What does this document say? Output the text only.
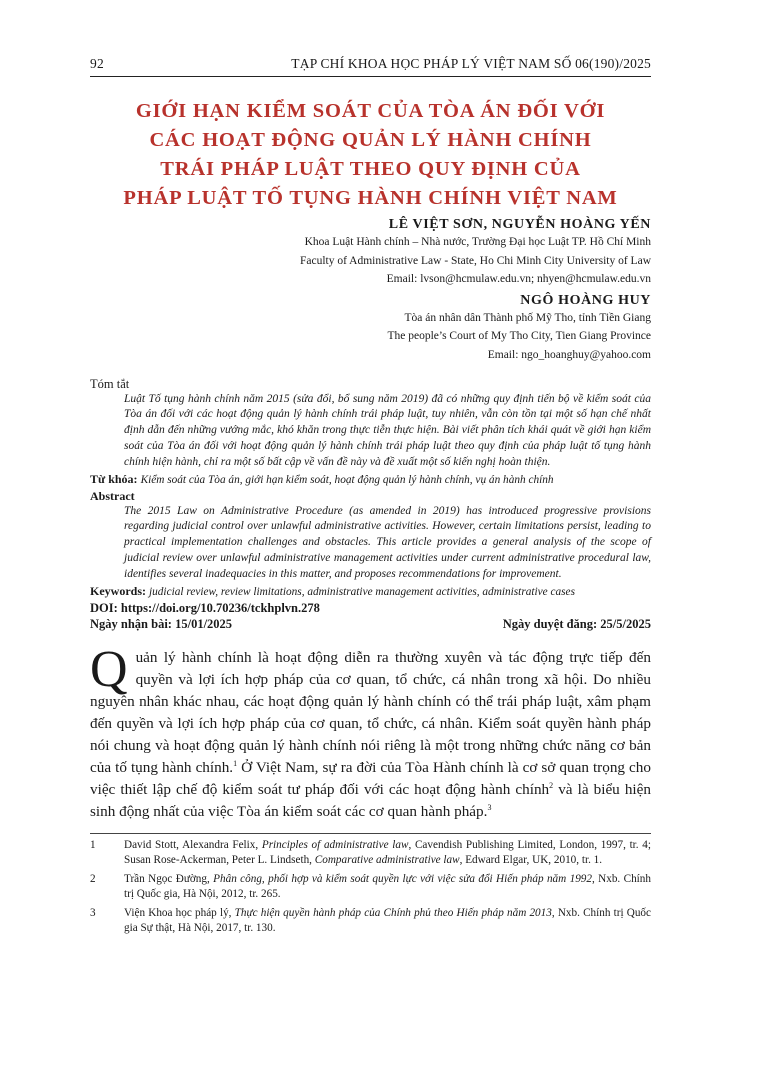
92	TẠP CHÍ KHOA HỌC PHÁP LÝ VIỆT NAM SỐ 06(190)/2025
GIỚI HẠN KIỂM SOÁT CỦA TÒA ÁN ĐỐI VỚI
CÁC HOẠT ĐỘNG QUẢN LÝ HÀNH CHÍNH
TRÁI PHÁP LUẬT THEO QUY ĐỊNH CỦA
PHÁP LUẬT TỐ TỤNG HÀNH CHÍNH VIỆT NAM
LÊ VIỆT SƠN, NGUYỄN HOÀNG YẾN
Khoa Luật Hành chính – Nhà nước, Trường Đại học Luật TP. Hồ Chí Minh
Faculty of Administrative Law - State, Ho Chi Minh City University of Law
Email: lvson@hcmulaw.edu.vn; nhyen@hcmulaw.edu.vn
NGÔ HOÀNG HUY
Tòa án nhân dân Thành phố Mỹ Tho, tỉnh Tiền Giang
The people’s Court of My Tho City, Tien Giang Province
Email: ngo_hoanghuy@yahoo.com
Tóm tắt
Luật Tố tụng hành chính năm 2015 (sửa đổi, bổ sung năm 2019) đã có những quy định tiến bộ về kiểm soát của Tòa án đối với các hoạt động quản lý hành chính trái pháp luật, tuy nhiên, vẫn còn tồn tại một số hạn chế nhất định dẫn đến những vướng mắc, khó khăn trong thực tiễn thực hiện. Bài viết phân tích khái quát về giới hạn kiểm soát của Tòa án đối với hoạt động quản lý hành chính trái pháp luật theo quy định của pháp luật tố tụng hành chính hiện hành, chỉ ra một số bất cập về vấn đề này và đề xuất một số kiến nghị hoàn thiện.
Từ khóa: Kiểm soát của Tòa án, giới hạn kiểm soát, hoạt động quản lý hành chính, vụ án hành chính
Abstract
The 2015 Law on Administrative Procedure (as amended in 2019) has introduced progressive provisions regarding judicial control over unlawful administrative activities. However, certain limitations persist, leading to practical implementation challenges and obstacles. This article provides a general analysis of the scope of judicial review over unlawful administrative management activities under current administrative procedural law, identifies several inadequacies in this matter, and proposes recommendations for improvement.
Keywords: judicial review, review limitations, administrative management activities, administrative cases
DOI: https://doi.org/10.70236/tckhplvn.278
Ngày nhận bài: 15/01/2025	Ngày duyệt đăng: 25/5/2025
Quản lý hành chính là hoạt động diễn ra thường xuyên và tác động trực tiếp đến quyền và lợi ích hợp pháp của cơ quan, tổ chức, cá nhân trong xã hội. Do nhiều nguyên nhân khác nhau, các hoạt động quản lý hành chính có thể trái pháp luật, xâm phạm đến quyền và lợi ích hợp pháp của cơ quan, tổ chức, cá nhân. Kiểm soát quyền hành pháp nói chung và hoạt động quản lý hành chính nói riêng là một trong những chức năng cơ bản của tố tụng hành chính.$^1$ Ở Việt Nam, sự ra đời của Tòa Hành chính là cơ sở quan trọng cho việc thiết lập chế độ kiểm soát tư pháp đối với các hoạt động hành chính$^2$ và là biểu hiện sinh động nhất của việc Tòa án kiểm soát các cơ quan hành pháp.$^3$
1	David Stott, Alexandra Felix, Principles of administrative law, Cavendish Publishing Limited, London, 1997, tr. 4; Susan Rose-Ackerman, Peter L. Lindseth, Comparative administrative law, Edward Elgar, UK, 2010, tr. 1.
2	Trần Ngọc Đường, Phân công, phối hợp và kiểm soát quyền lực với việc sửa đổi Hiến pháp năm 1992, Nxb. Chính trị Quốc gia, Hà Nội, 2012, tr. 265.
3	Viện Khoa học pháp lý, Thực hiện quyền hành pháp của Chính phủ theo Hiến pháp năm 2013, Nxb. Chính trị Quốc gia Sự thật, Hà Nội, 2017, tr. 130.
